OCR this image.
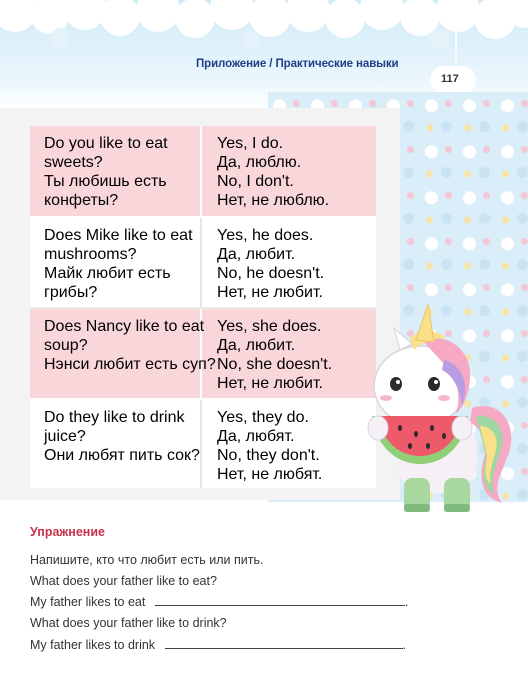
Приложение / Практические навыки
117
Do you like to eat
sweets?
Ты любишь есть
конфеты?
Yes, I do.
Да, люблю.
No, I don't.
Нет, не люблю.
Does Mike like to eat
mushrooms?
Майк любит есть
грибы?
Yes, he does.
Да, любит.
No, he doesn't.
Нет, не любит.
Does Nancy like to eat
soup?
Нэнси любит есть суп?
Yes, she does.
Да, любит.
No, she doesn't.
Нет, не любит.
Do they like to drink
juice?
Они любят пить сок?
Yes, they do.
Да, любят.
No, they don't.
Нет, не любят.
Упражнение
Напишите, кто что любит есть или пить.
What does your father like to eat?
My father likes to eat	.
What does your father like to drink?
My father likes to drink	.
